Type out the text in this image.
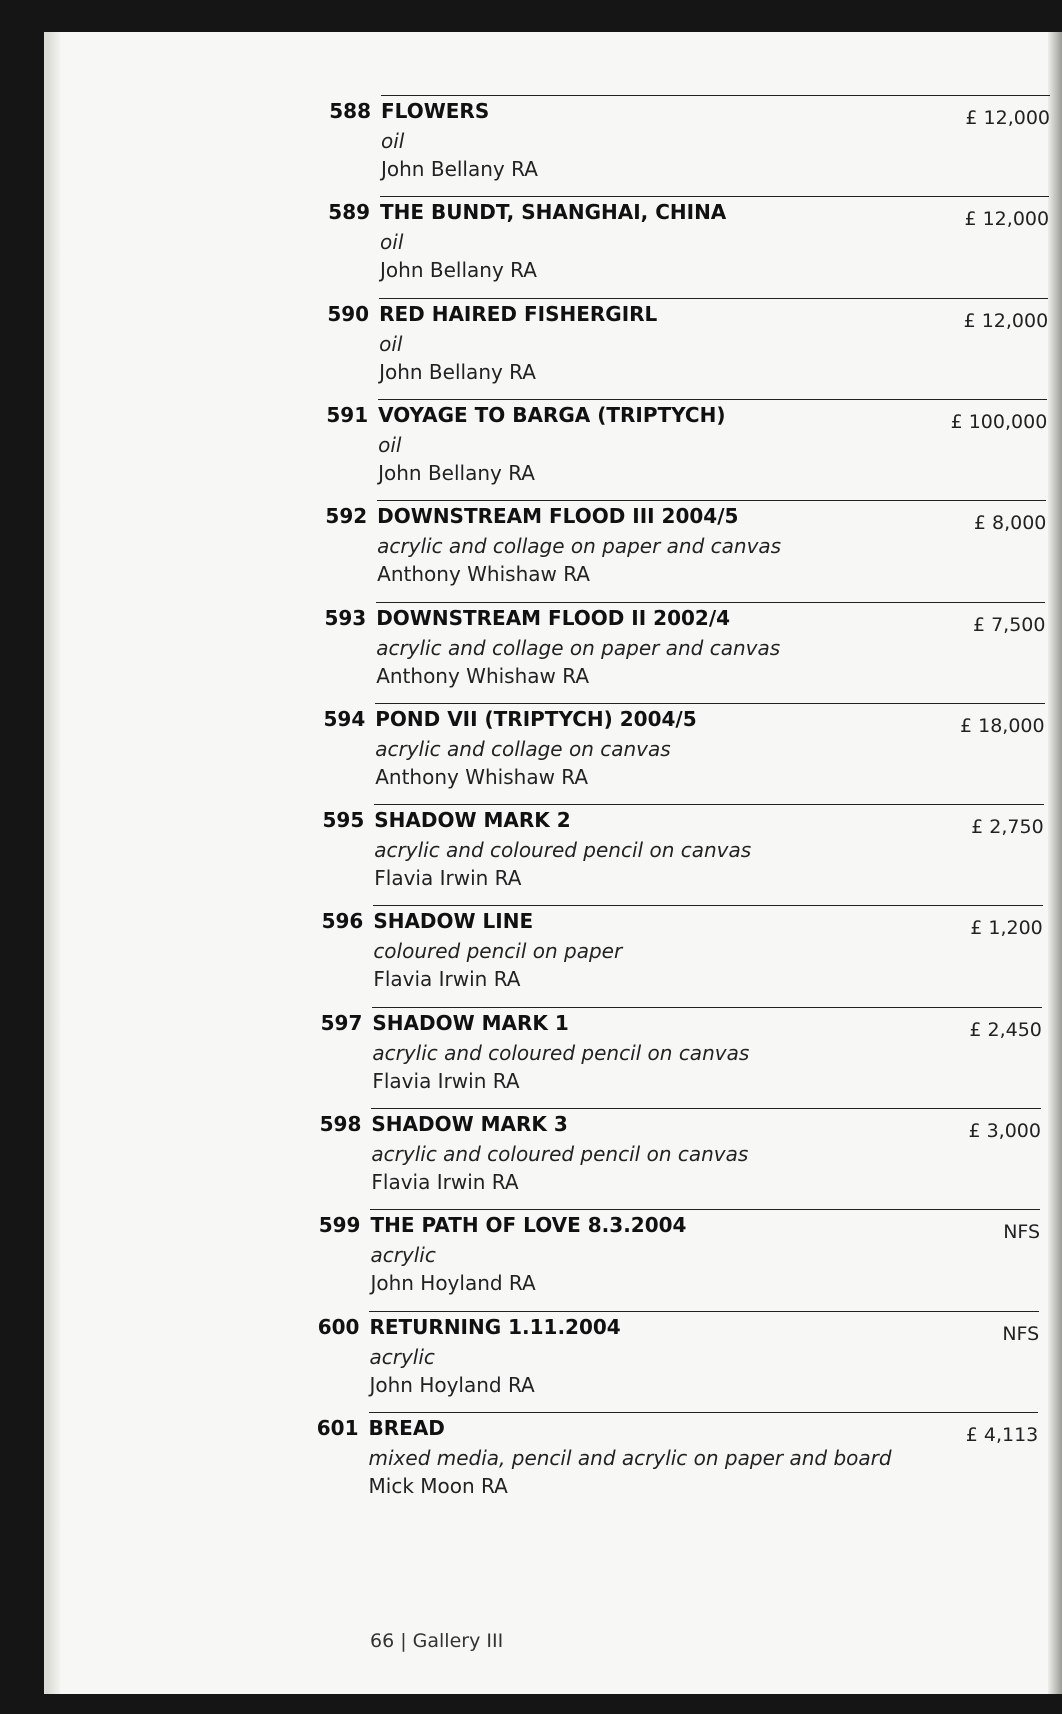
588 FLOWERS
oil
John Bellany RA
£ 12,000
589 THE BUNDT, SHANGHAI, CHINA
oil
John Bellany RA
£ 12,000
590 RED HAIRED FISHERGIRL
oil
John Bellany RA
£ 12,000
591 VOYAGE TO BARGA (TRIPTYCH)
oil
John Bellany RA
£ 100,000
592 DOWNSTREAM FLOOD III 2004/5
acrylic and collage on paper and canvas
Anthony Whishaw RA
£ 8,000
593 DOWNSTREAM FLOOD II 2002/4
acrylic and collage on paper and canvas
Anthony Whishaw RA
£ 7,500
594 POND VII (TRIPTYCH) 2004/5
acrylic and collage on canvas
Anthony Whishaw RA
£ 18,000
595 SHADOW MARK 2
acrylic and coloured pencil on canvas
Flavia Irwin RA
£ 2,750
596 SHADOW LINE
coloured pencil on paper
Flavia Irwin RA
£ 1,200
597 SHADOW MARK 1
acrylic and coloured pencil on canvas
Flavia Irwin RA
£ 2,450
598 SHADOW MARK 3
acrylic and coloured pencil on canvas
Flavia Irwin RA
£ 3,000
599 THE PATH OF LOVE 8.3.2004
acrylic
John Hoyland RA
NFS
600 RETURNING 1.11.2004
acrylic
John Hoyland RA
NFS
601 BREAD
mixed media, pencil and acrylic on paper and board
Mick Moon RA
£ 4,113
66 | Gallery III
